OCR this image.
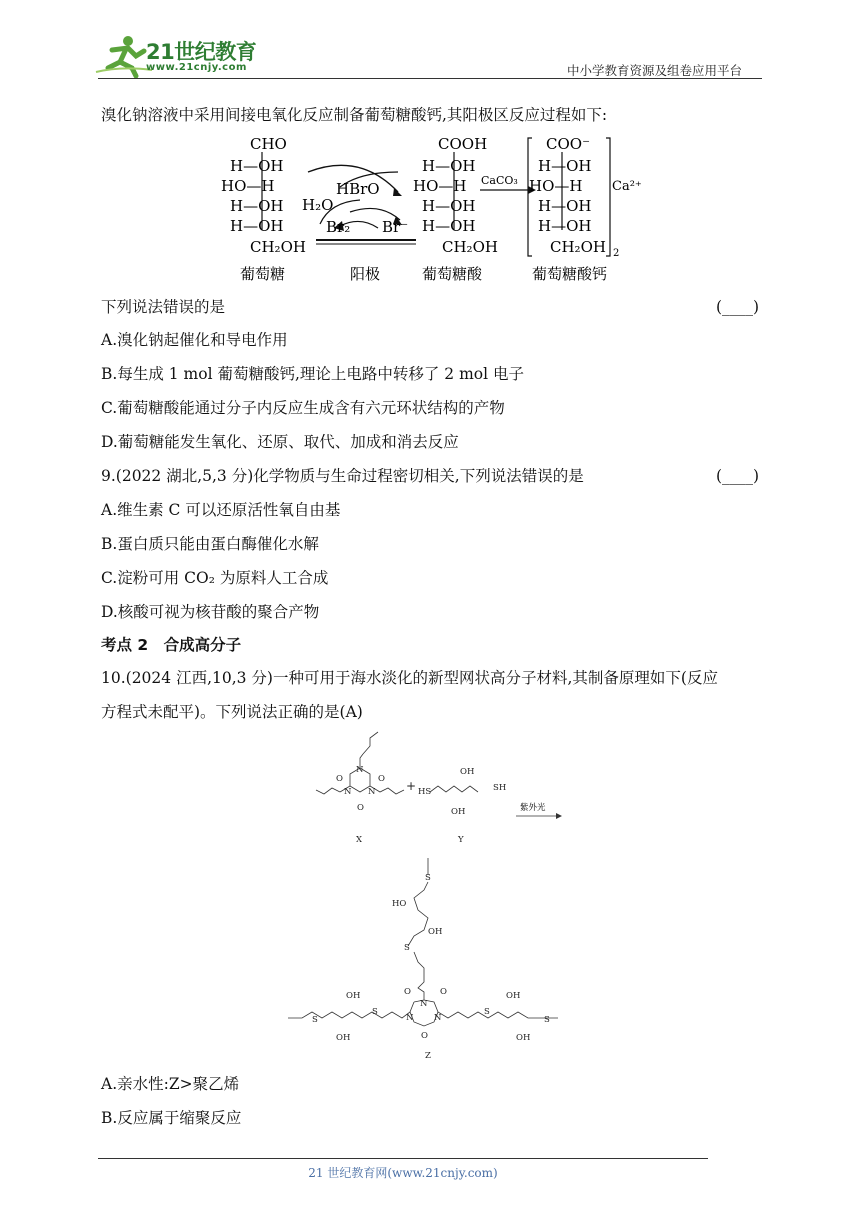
21世纪教育
www.21cnjy.com	中小学教育资源及组卷应用平台
溴化钠溶液中采用间接电氧化反应制备葡萄糖酸钙,其阳极区反应过程如下:
CHO
H—OH
HO—H
H—OH
H—OH
CH₂OH
HBrO
H₂O
Br₂ Br⁻
COOH
H—OH
HO—H
H—OH
H—OH
CH₂OH
CaCO₃
COO⁻
H—OH
HO—H
H—OH
H—OH
CH₂OH 2
Ca²⁺
葡萄糖	阳极	葡萄糖酸	葡萄糖酸钙
下列说法错误的是	(____)
A.溴化钠起催化和导电作用
B.每生成 1 mol 葡萄糖酸钙,理论上电路中转移了 2 mol 电子
C.葡萄糖酸能通过分子内反应生成含有六元环状结构的产物
D.葡萄糖能发生氧化、还原、取代、加成和消去反应
9.(2022 湖北,5,3 分)化学物质与生命过程密切相关,下列说法错误的是	(____)
A.维生素 C 可以还原活性氧自由基
B.蛋白质只能由蛋白酶催化水解
C.淀粉可用 CO₂ 为原料人工合成
D.核酸可视为核苷酸的聚合产物
考点 2　合成高分子
10.(2024 江西,10,3 分)一种可用于海水淡化的新型网状高分子材料,其制备原理如下(反应
方程式未配平)。下列说法正确的是(A)
N
O	O
N N
O
X
+ HS
OH
OH
SH
Y
紫外光
S
HO
OH
S
N
O	O
N N
O
S
OH
OH
S	S
OH
OH
S
Z
A.亲水性:Z>聚乙烯
B.反应属于缩聚反应
21 世纪教育网(www.21cnjy.com)
